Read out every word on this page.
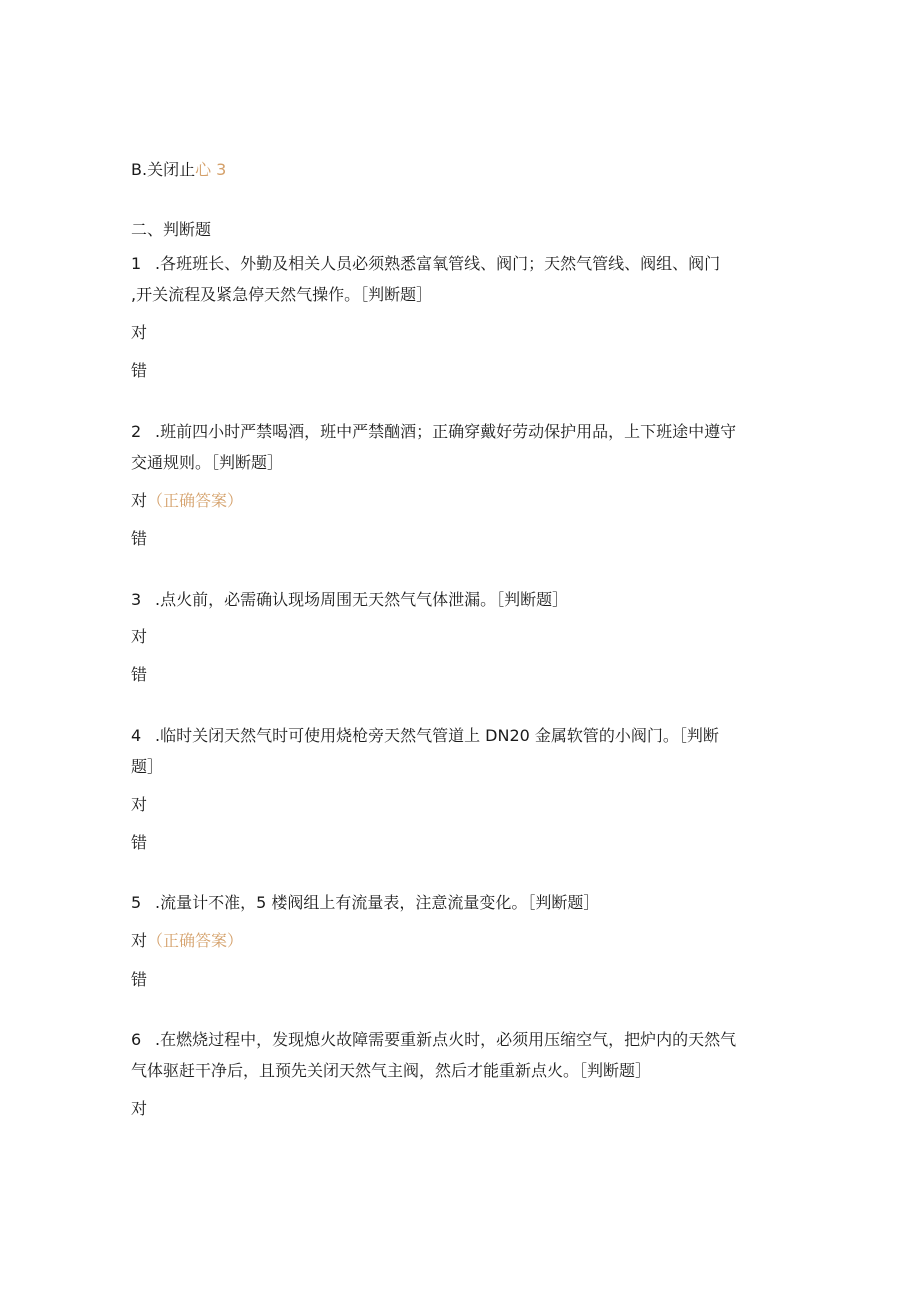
B.关闭止心 3
二、判断题
1 .各班班长、外勤及相关人员必须熟悉富氧管线、阀门；天然气管线、阀组、阀门
,开关流程及紧急停天然气操作。［判断题］
对
错
2 .班前四小时严禁喝酒，班中严禁酗酒；正确穿戴好劳动保护用品，上下班途中遵守
交通规则。［判断题］
对（正确答案）
错
3 .点火前，必需确认现场周围无天然气气体泄漏。［判断题］
对
错
4 .临时关闭天然气时可使用烧枪旁天然气管道上 DN20 金属软管的小阀门。［判断
题］
对
错
5 .流量计不准，5 楼阀组上有流量表，注意流量变化。［判断题］
对（正确答案）
错
6 .在燃烧过程中，发现熄火故障需要重新点火时，必须用压缩空气，把炉内的天然气
气体驱赶干净后，且预先关闭天然气主阀，然后才能重新点火。［判断题］
对
